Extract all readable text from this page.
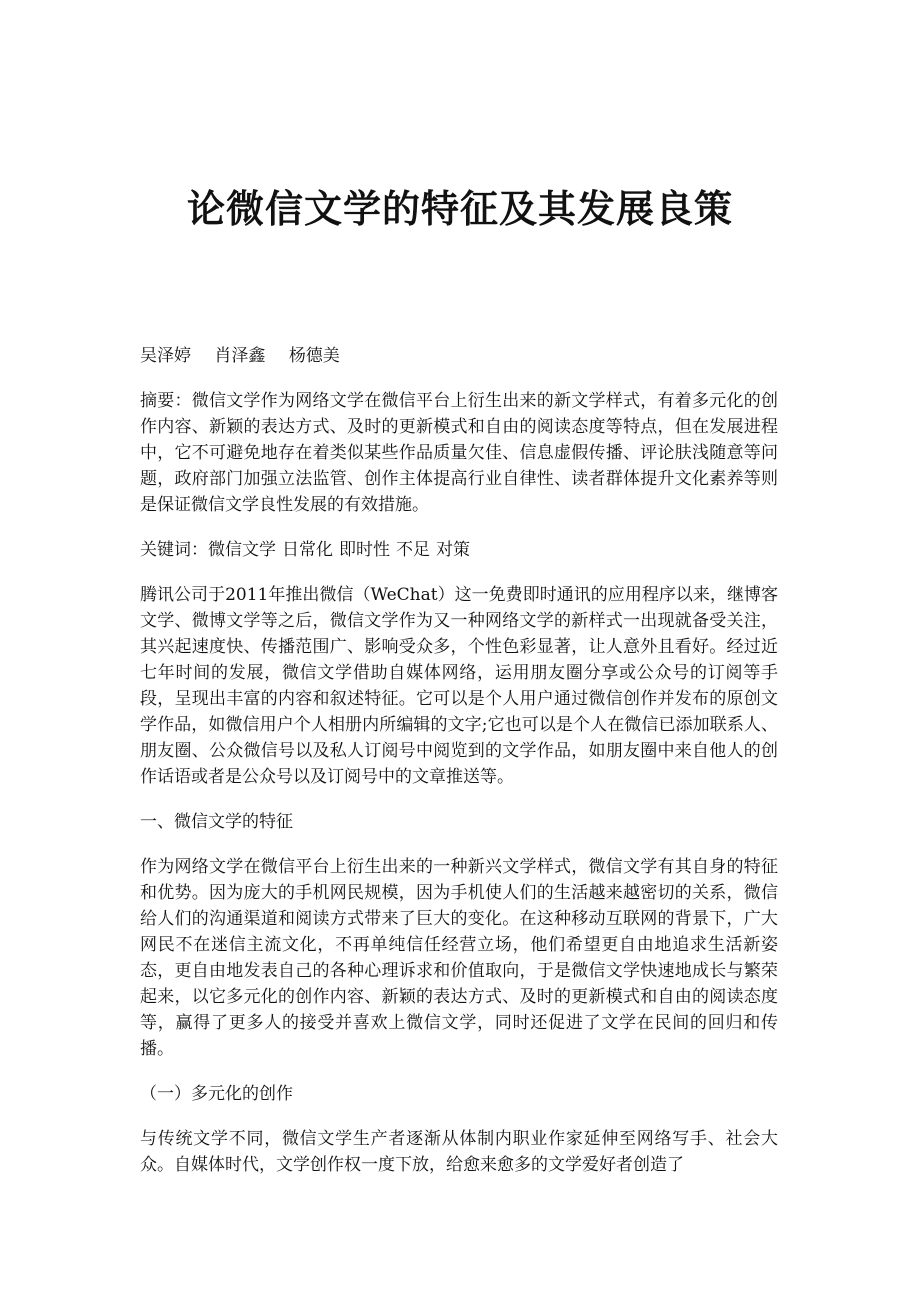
论微信文学的特征及其发展良策

吴泽婷 肖泽鑫 杨德美

摘要：微信文学作为网络文学在微信平台上衍生出来的新文学样式，有着多元化的创作内容、新颖的表达方式、及时的更新模式和自由的阅读态度等特点，但在发展进程中，它不可避免地存在着类似某些作品质量欠佳、信息虚假传播、评论肤浅随意等问题，政府部门加强立法监管、创作主体提高行业自律性、读者群体提升文化素养等则是保证微信文学良性发展的有效措施。

关键词：微信文学 日常化 即时性 不足 对策

腾讯公司于2011年推出微信（WeChat）这一免费即时通讯的应用程序以来，继博客文学、微博文学等之后，微信文学作为又一种网络文学的新样式一出现就备受关注，其兴起速度快、传播范围广、影响受众多，个性色彩显著，让人意外且看好。经过近七年时间的发展，微信文学借助自媒体网络，运用朋友圈分享或公众号的订阅等手段，呈现出丰富的内容和叙述特征。它可以是个人用户通过微信创作并发布的原创文学作品，如微信用户个人相册内所编辑的文字;它也可以是个人在微信已添加联系人、朋友圈、公众微信号以及私人订阅号中阅览到的文学作品，如朋友圈中来自他人的创作话语或者是公众号以及订阅号中的文章推送等。

一、微信文学的特征

作为网络文学在微信平台上衍生出来的一种新兴文学样式，微信文学有其自身的特征和优势。因为庞大的手机网民规模，因为手机使人们的生活越来越密切的关系，微信给人们的沟通渠道和阅读方式带来了巨大的变化。在这种移动互联网的背景下，广大网民不在迷信主流文化，不再单纯信任经营立场，他们希望更自由地追求生活新姿态，更自由地发表自己的各种心理诉求和价值取向，于是微信文学快速地成长与繁荣起来，以它多元化的创作内容、新颖的表达方式、及时的更新模式和自由的阅读态度等，赢得了更多人的接受并喜欢上微信文学，同时还促进了文学在民间的回归和传播。

（一）多元化的创作

与传统文学不同，微信文学生产者逐渐从体制内职业作家延伸至网络写手、社会大众。自媒体时代，文学创作权一度下放，给愈来愈多的文学爱好者创造了
